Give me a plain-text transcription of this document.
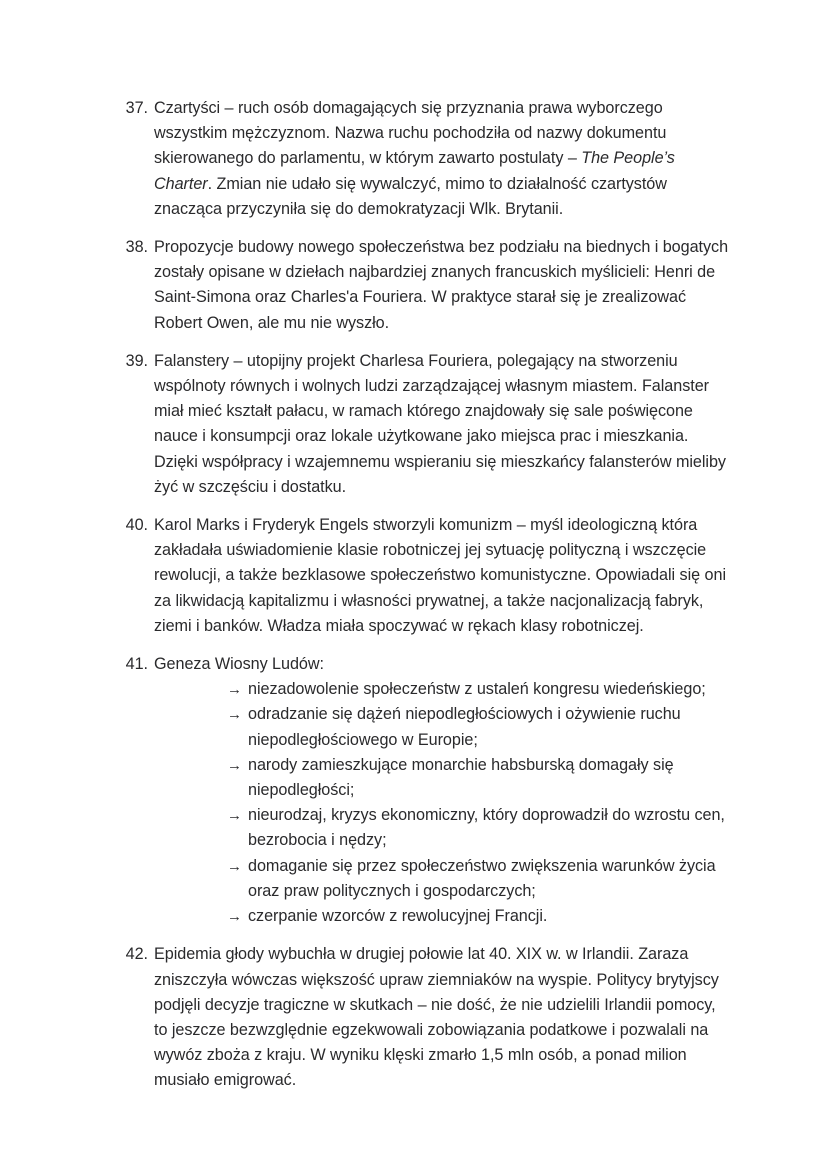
37. Czartyści – ruch osób domagających się przyznania prawa wyborczego wszystkim mężczyznom. Nazwa ruchu pochodziła od nazwy dokumentu skierowanego do parlamentu, w którym zawarto postulaty – The People’s Charter. Zmian nie udało się wywalczyć, mimo to działalność czartystów znacząca przyczyniła się do demokratyzacji Wlk. Brytanii.
38. Propozycje budowy nowego społeczeństwa bez podziału na biednych i bogatych zostały opisane w dziełach najbardziej znanych francuskich myślicieli: Henri de Saint-Simona oraz Charles'a Fouriera. W praktyce starał się je zrealizować Robert Owen, ale mu nie wyszło.
39. Falanstery – utopijny projekt Charlesa Fouriera, polegający na stworzeniu wspólnoty równych i wolnych ludzi zarządzającej własnym miastem. Falanster miał mieć kształt pałacu, w ramach którego znajdowały się sale poświęcone nauce i konsumpcji oraz lokale użytkowane jako miejsca prac i mieszkania. Dzięki współpracy i wzajemnemu wspieraniu się mieszkańcy falansterów mieliby żyć w szczęściu i dostatku.
40. Karol Marks i Fryderyk Engels stworzyli komunizm – myśl ideologiczną która zakładała uświadomienie klasie robotniczej jej sytuację polityczną i wszczęcie rewolucji, a także bezklasowe społeczeństwo komunistyczne. Opowiadali się oni za likwidacją kapitalizmu i własności prywatnej, a także nacjonalizacją fabryk, ziemi i banków. Władza miała spoczywać w rękach klasy robotniczej.
41. Geneza Wiosny Ludów:
→ niezadowolenie społeczeństw z ustaleń kongresu wiedeńskiego;
→ odradzanie się dążeń niepodległościowych i ożywienie ruchu niepodległościowego w Europie;
→ narody zamieszkujące monarchie habsburską domagały się niepodległości;
→ nieurodzaj, kryzys ekonomiczny, który doprowadził do wzrostu cen, bezrobocia i nędzy;
→ domaganie się przez społeczeństwo zwiększenia warunków życia oraz praw politycznych i gospodarczych;
→ czerpanie wzorców z rewolucyjnej Francji.
42. Epidemia głody wybuchła w drugiej połowie lat 40. XIX w. w Irlandii. Zaraza zniszczyła wówczas większość upraw ziemniaków na wyspie. Politycy brytyjscy podjęli decyzje tragiczne w skutkach – nie dość, że nie udzielili Irlandii pomocy, to jeszcze bezwzględnie egzekwowali zobowiązania podatkowe i pozwalali na wywóz zboża z kraju. W wyniku klęski zmarło 1,5 mln osób, a ponad milion musiało emigrować.
